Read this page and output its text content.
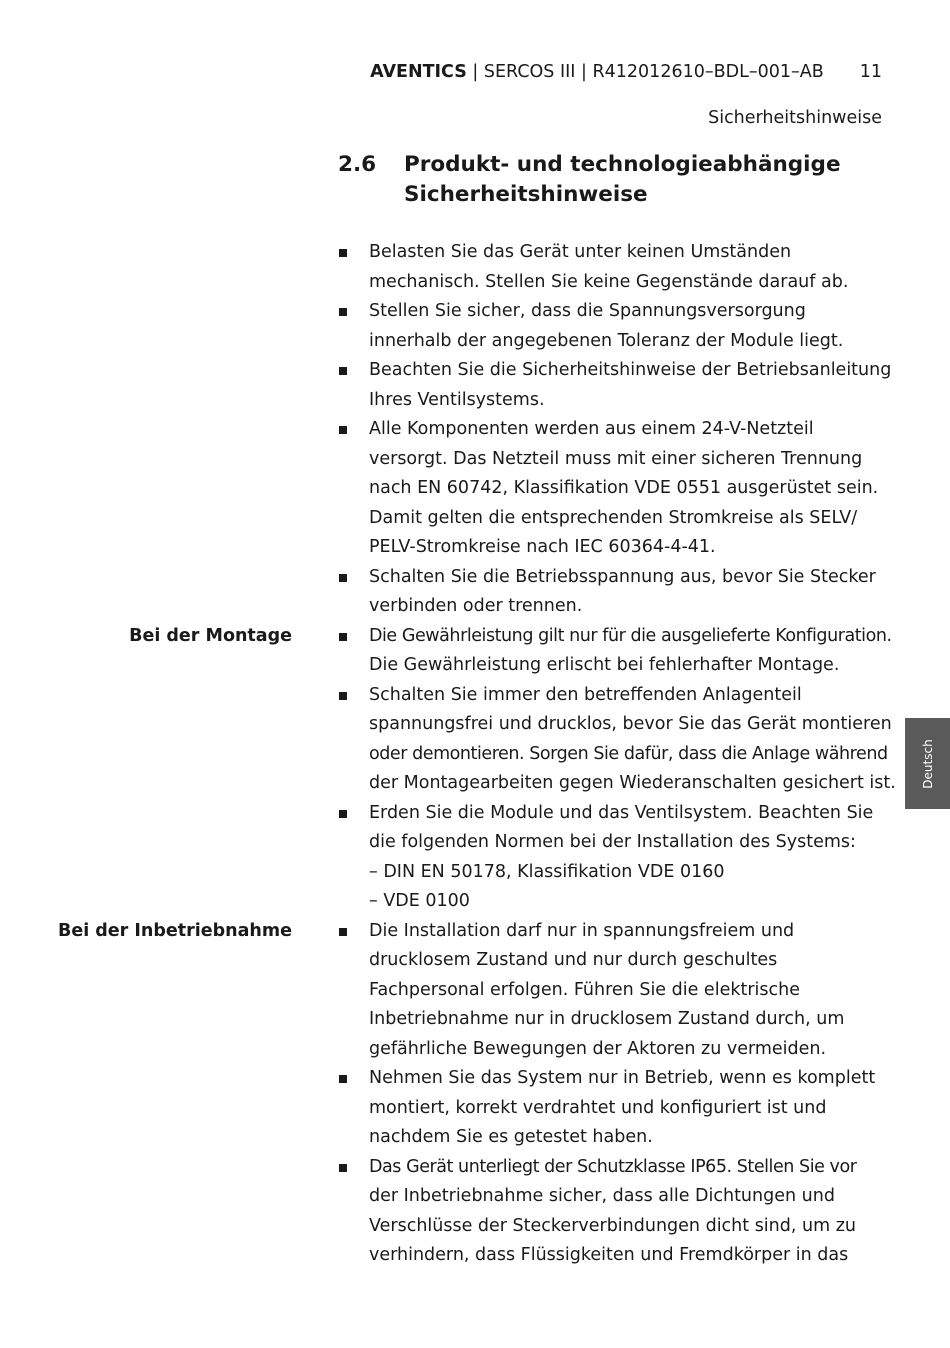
AVENTICS | SERCOS III | R412012610–BDL–001–AB 11
Sicherheitshinweise
2.6 Produkt- und technologieabhängige
Sicherheitshinweise

Belasten Sie das Gerät unter keinen Umständen

mechanisch. Stellen Sie keine Gegenstände darauf ab.

Stellen Sie sicher, dass die Spannungsversorgung

innerhalb der angegebenen Toleranz der Module liegt.

Beachten Sie die Sicherheitshinweise der Betriebsanleitung

Ihres Ventilsystems.

Alle Komponenten werden aus einem 24-V-Netzteil

versorgt. Das Netzteil muss mit einer sicheren Trennung

nach EN 60742, Klassifikation VDE 0551 ausgerüstet sein.

Damit gelten die entsprechenden Stromkreise als SELV/

PELV-Stromkreise nach IEC 60364-4-41.

Schalten Sie die Betriebsspannung aus, bevor Sie Stecker

verbinden oder trennen.

Bei der Montage	Die Gewährleistung gilt nur für die ausgelieferte Konfiguration.

Die Gewährleistung erlischt bei fehlerhafter Montage.

Schalten Sie immer den betreffenden Anlagenteil

spannungsfrei und drucklos, bevor Sie das Gerät montieren

oder demontieren. Sorgen Sie dafür, dass die Anlage während

der Montagearbeiten gegen Wiederanschalten gesichert ist.

Erden Sie die Module und das Ventilsystem. Beachten Sie

die folgenden Normen bei der Installation des Systems:

– DIN EN 50178, Klassifikation VDE 0160

– VDE 0100

Bei der Inbetriebnahme	Die Installation darf nur in spannungsfreiem und

drucklosem Zustand und nur durch geschultes

Fachpersonal erfolgen. Führen Sie die elektrische

Inbetriebnahme nur in drucklosem Zustand durch, um

gefährliche Bewegungen der Aktoren zu vermeiden.

Nehmen Sie das System nur in Betrieb, wenn es komplett

montiert, korrekt verdrahtet und konfiguriert ist und

nachdem Sie es getestet haben.

Das Gerät unterliegt der Schutzklasse IP65. Stellen Sie vor

der Inbetriebnahme sicher, dass alle Dichtungen und

Verschlüsse der Steckerverbindungen dicht sind, um zu

verhindern, dass Flüssigkeiten und Fremdkörper in das

Deutsch
